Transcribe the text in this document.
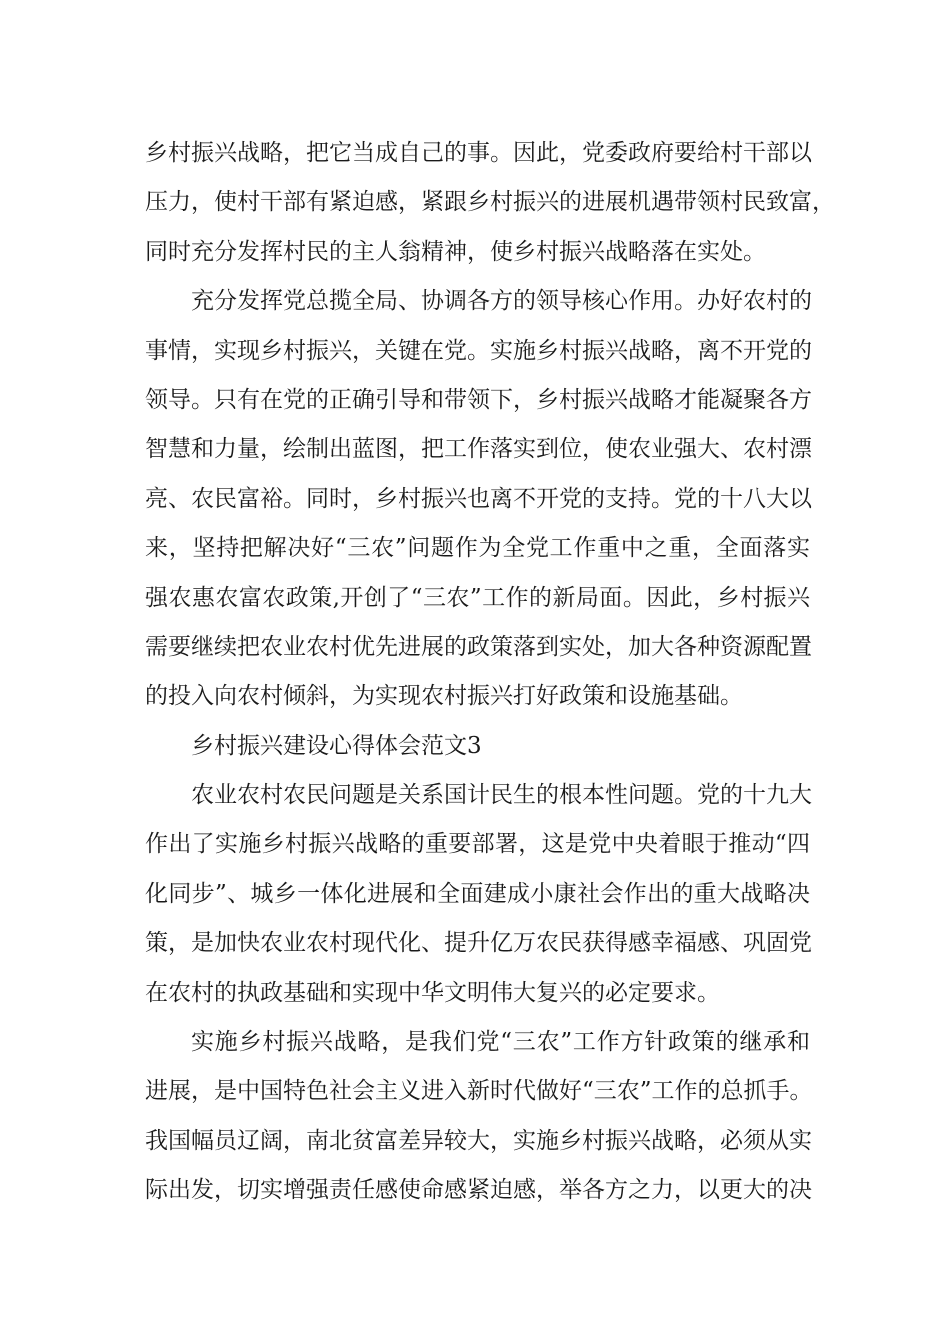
乡村振兴战略，把它当成自己的事。因此，党委政府要给村干部以
压力，使村干部有紧迫感，紧跟乡村振兴的进展机遇带领村民致富，
同时充分发挥村民的主人翁精神，使乡村振兴战略落在实处。

充分发挥党总揽全局、协调各方的领导核心作用。办好农村的
事情，实现乡村振兴，关键在党。实施乡村振兴战略，离不开党的
领导。只有在党的正确引导和带领下，乡村振兴战略才能凝聚各方
智慧和力量，绘制出蓝图，把工作落实到位，使农业强大、农村漂
亮、农民富裕。同时，乡村振兴也离不开党的支持。党的十八大以
来，坚持把解决好“三农”问题作为全党工作重中之重，全面落实
强农惠农富农政策,开创了“三农”工作的新局面。因此，乡村振兴
需要继续把农业农村优先进展的政策落到实处，加大各种资源配置
的投入向农村倾斜，为实现农村振兴打好政策和设施基础。

乡村振兴建设心得体会范文3

农业农村农民问题是关系国计民生的根本性问题。党的十九大
作出了实施乡村振兴战略的重要部署，这是党中央着眼于推动“四
化同步”、城乡一体化进展和全面建成小康社会作出的重大战略决
策，是加快农业农村现代化、提升亿万农民获得感幸福感、巩固党
在农村的执政基础和实现中华文明伟大复兴的必定要求。

实施乡村振兴战略，是我们党“三农”工作方针政策的继承和
进展，是中国特色社会主义进入新时代做好“三农”工作的总抓手。
我国幅员辽阔，南北贫富差异较大，实施乡村振兴战略，必须从实
际出发，切实增强责任感使命感紧迫感，举各方之力，以更大的决
